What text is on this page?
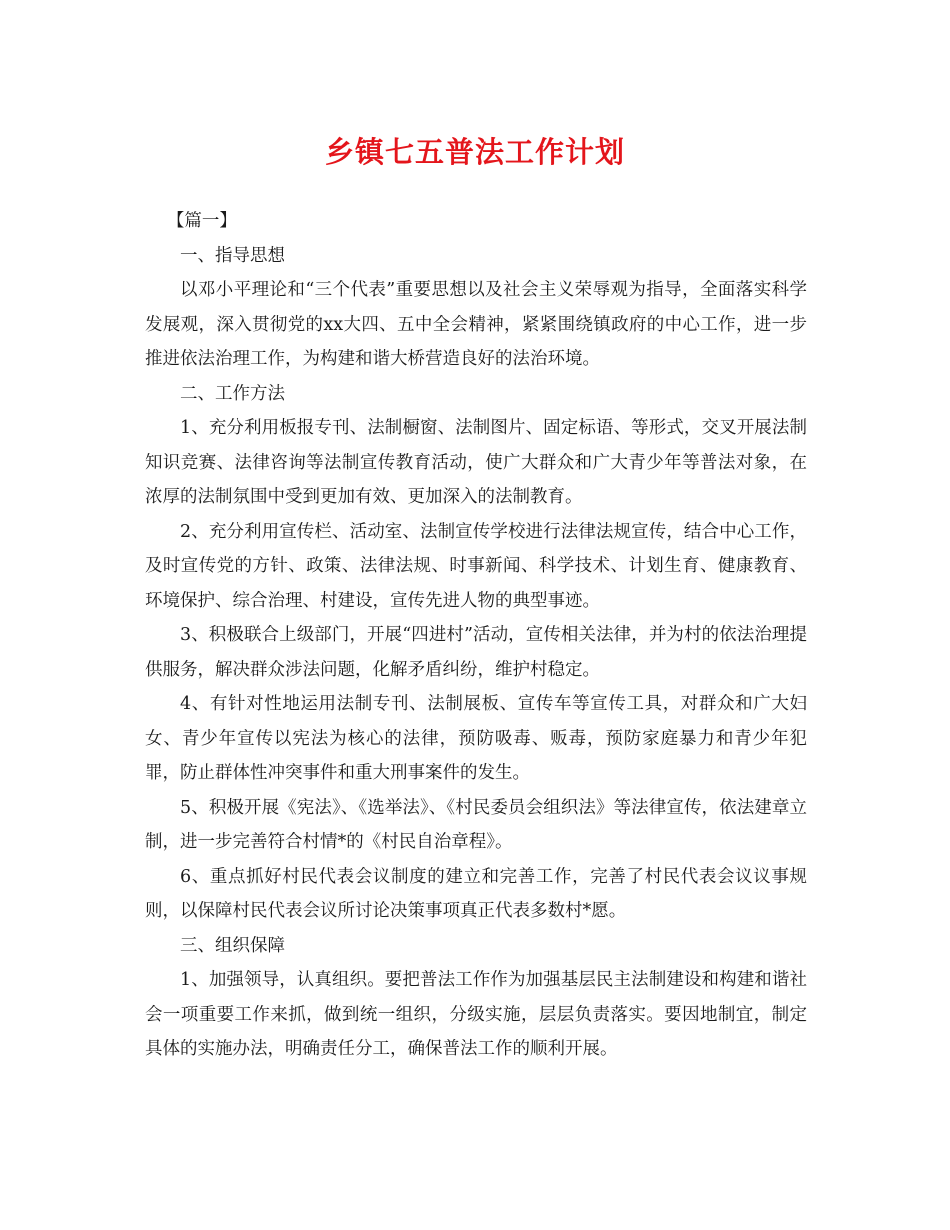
乡镇七五普法工作计划

【篇一】

一、指导思想

以邓小平理论和“三个代表”重要思想以及社会主义荣辱观为指导，全面落实科学发展观，深入贯彻党的xx大四、五中全会精神，紧紧围绕镇政府的中心工作，进一步推进依法治理工作，为构建和谐大桥营造良好的法治环境。

二、工作方法

1、充分利用板报专刊、法制橱窗、法制图片、固定标语、等形式，交叉开展法制知识竞赛、法律咨询等法制宣传教育活动，使广大群众和广大青少年等普法对象，在浓厚的法制氛围中受到更加有效、更加深入的法制教育。

2、充分利用宣传栏、活动室、法制宣传学校进行法律法规宣传，结合中心工作，及时宣传党的方针、政策、法律法规、时事新闻、科学技术、计划生育、健康教育、环境保护、综合治理、村建设，宣传先进人物的典型事迹。

3、积极联合上级部门，开展“四进村”活动，宣传相关法律，并为村的依法治理提供服务，解决群众涉法问题，化解矛盾纠纷，维护村稳定。

4、有针对性地运用法制专刊、法制展板、宣传车等宣传工具，对群众和广大妇女、青少年宣传以宪法为核心的法律，预防吸毒、贩毒，预防家庭暴力和青少年犯罪，防止群体性冲突事件和重大刑事案件的发生。

5、积极开展《宪法》、《选举法》、《村民委员会组织法》等法律宣传，依法建章立制，进一步完善符合村情*的《村民自治章程》。

6、重点抓好村民代表会议制度的建立和完善工作，完善了村民代表会议议事规则，以保障村民代表会议所讨论决策事项真正代表多数村*愿。

三、组织保障

1、加强领导，认真组织。要把普法工作作为加强基层民主法制建设和构建和谐社会一项重要工作来抓，做到统一组织，分级实施，层层负责落实。要因地制宜，制定具体的实施办法，明确责任分工，确保普法工作的顺利开展。
